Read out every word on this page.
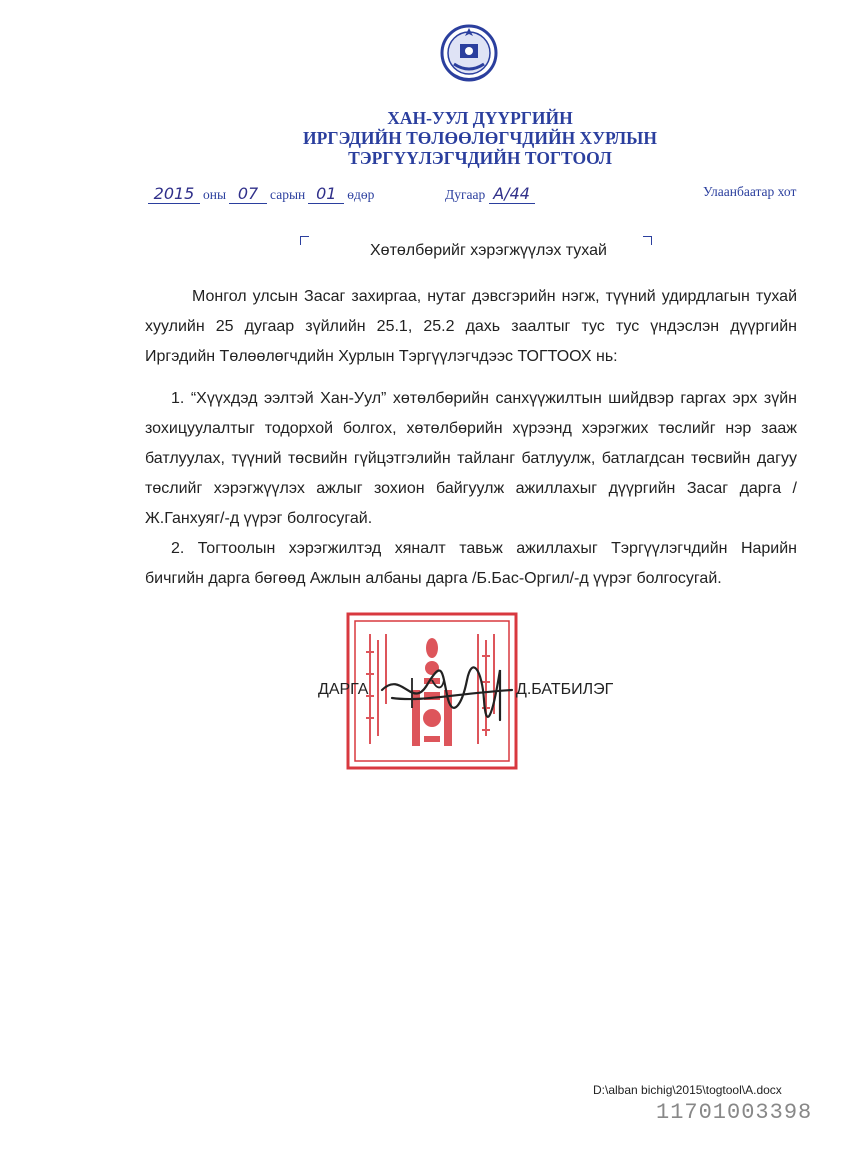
ХАН-УУЛ ДҮҮРГИЙН
ИРГЭДИЙН ТӨЛӨӨЛӨГЧДИЙН ХУРЛЫН
ТЭРГҮҮЛЭГЧДИЙН ТОГТООЛ
2015 оны 07 сарын 01 өдөр	Дугаар А/44	Улаанбаатар хот
Хөтөлбөрийг хэрэгжүүлэх тухай

Монгол улсын Засаг захиргаа, нутаг дэвсгэрийн нэгж, түүний удирдлагын тухай хуулийн 25 дугаар зүйлийн 25.1, 25.2 дахь заалтыг тус тус үндэслэн дүүргийн Иргэдийн Төлөөлөгчдийн Хурлын Тэргүүлэгчдээс ТОГТООХ нь:

1. “Хүүхдэд ээлтэй Хан-Уул” хөтөлбөрийн санхүүжилтын шийдвэр гаргах эрх зүйн зохицуулалтыг тодорхой болгох, хөтөлбөрийн хүрээнд хэрэгжих төслийг нэр зааж батлуулах, түүний төсвийн гүйцэтгэлийн тайланг батлуулж, батлагдсан төсвийн дагуу төслийг хэрэгжүүлэх ажлыг зохион байгуулж ажиллахыг дүүргийн Засаг дарга /Ж.Ганхуяг/-д үүрэг болгосугай.

2. Тогтоолын хэрэгжилтэд хяналт тавьж ажиллахыг Тэргүүлэгчдийн Нарийн бичгийн дарга бөгөөд Ажлын албаны дарга /Б.Бас-Оргил/-д үүрэг болгосугай.

ДАРГА	Д.БАТБИЛЭГ
D:\alban bichig\2015\togtool\A.docx
11701003398
